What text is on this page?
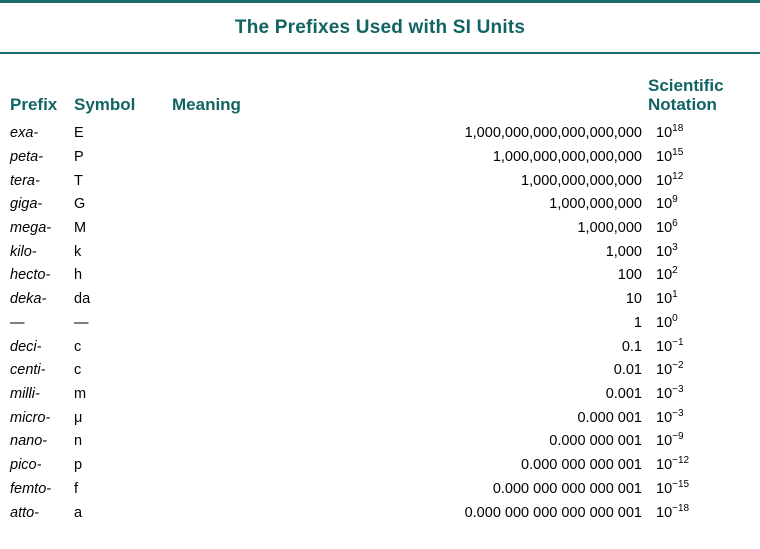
The Prefixes Used with SI Units

Prefix	Symbol	Meaning	Scientific
Notation
exa-	E	1,000,000,000,000,000,000	$10^{18}$
peta-	P	1,000,000,000,000,000	$10^{15}$
tera-	T	1,000,000,000,000	$10^{12}$
giga-	G	1,000,000,000	$10^9$
mega-	M	1,000,000	$10^6$
kilo-	k	1,000	$10^3$
hecto-	h	100	$10^2$
deka-	da	10	$10^1$
—	—	1	$10^0$
deci-	c	0.1	$10^{-1}$
centi-	c	0.01	$10^{-2}$
milli-	m	0.001	$10^{-3}$
micro-	μ	0.000 001	$10^{-3}$
nano-	n	0.000 000 001	$10^{-9}$
pico-	p	0.000 000 000 001	$10^{-12}$
femto-	f	0.000 000 000 000 001	$10^{-15}$
atto-	a	0.000 000 000 000 000 001	$10^{-18}$
